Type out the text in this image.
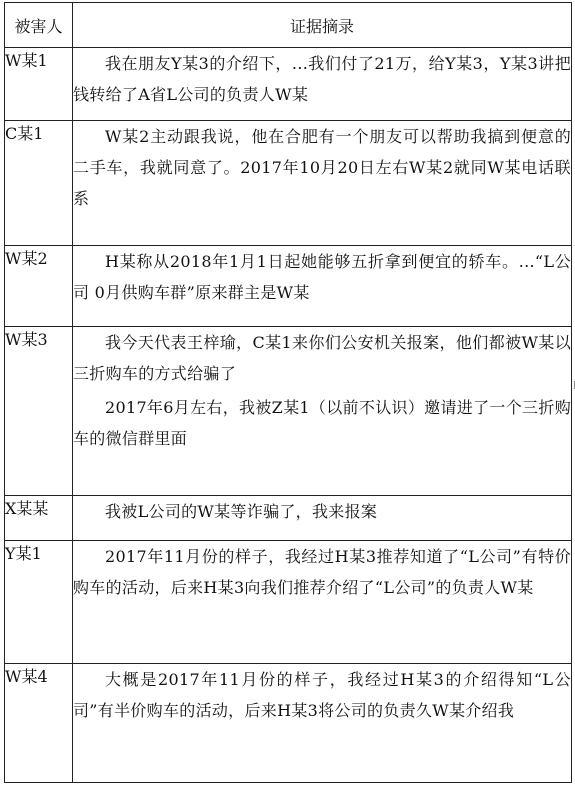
被害人	证据摘录
W某1	我在朋友Y某3的介绍下，...我们付了21万，给Y某3，Y某3讲把钱转给了A省L公司的负责人W某

C某1	W某2主动跟我说，他在合肥有一个朋友可以帮助我搞到便意的二手车，我就同意了。2017年10月20日左右W某2就同W某电话联系

W某2	H某称从2018年1月1日起她能够五折拿到便宜的轿车。...“L公司 0月供购车群”原来群主是W某

W某3	我今天代表王梓瑜，C某1来你们公安机关报案，他们都被W某以三折购车的方式给骗了
2017年6月左右，我被Z某1（以前不认识）邀请进了一个三折购车的微信群里面

X某某	我被L公司的W某等诈骗了，我来报案

Y某1	2017年11月份的样子，我经过H某3推荐知道了“L公司”有特价购车的活动，后来H某3向我们推荐介绍了“L公司”的负责人W某

W某4	大概是2017年11月份的样子，我经过H某3的介绍得知“L公司”有半价购车的活动，后来H某3将公司的负责久W某介绍我
